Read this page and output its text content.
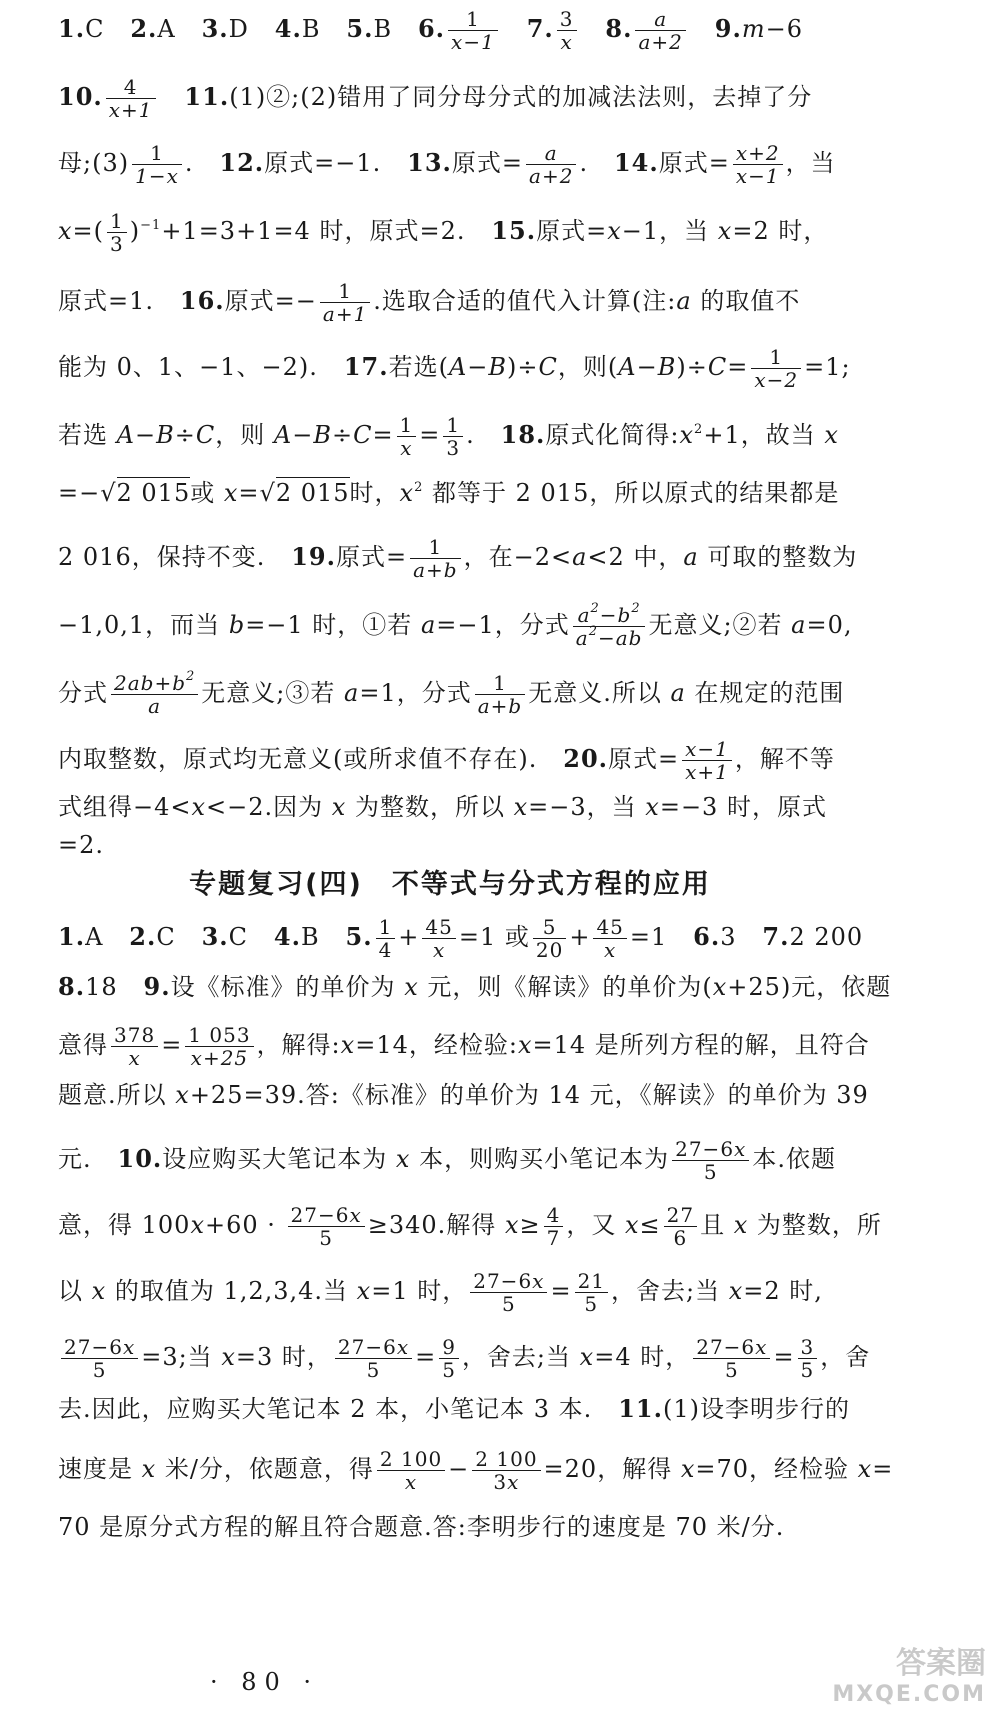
1.C   2.A   3.D   4.B   5.B   6. $\frac{1}{x-1} 7$. $\frac{3}{x} 8$. $\frac{a}{a+2} 9.m-6$
10. $\frac{4}{x+1}$ 11.(1)②;(2)错用了同分母分式的加减法法则，去掉了分
母;(3) $\frac{1}{1-x}$ .   12.原式=−1.   13.原式= $\frac{a}{a+2}$ .   14.原式= $\frac{x+2}{x-1}$ ，当
$x=( \frac{1}{3} )^{-1}+1=3+1=4$ 时，原式=2.   15.原式=x−1，当 x=2 时，
原式=1.   16.原式=− $\frac{1}{a+1}$ .选取合适的值代入计算(注:a 的取值不
能为 0、1、−1、−2).   17.若选(A−B)÷C，则$(A-B)\div C= \frac{1}{x-2} =1$;
若选 A−B÷C，则 $A-B\div C= \frac{1}{x} = \frac{1}{3}$ .   18.原式化简得$:x^2+1$，故当 x
=−√2 015或 x=√2 015时，$x^2$ 都等于 2 015，所以原式的结果都是
2 016，保持不变.   19.原式= $\frac{1}{a+b}$ ，在−2<a<2 中，a 可取的整数为
−1,0,1，而当 b=−1 时，①若 a=−1，分式 $\frac{a^2-b^2}{a^2-ab}$ 无意义;②若 a=0,
分式 $\frac{2ab+b^2}{a}$ 无意义;③若 a=1，分式 $\frac{1}{a+b}$ 无意义.所以 a 在规定的范围
内取整数，原式均无意义(或所求值不存在).   20.原式= $\frac{x-1}{x+1}$ ，解不等
式组得−4<x<−2.因为 x 为整数，所以 x=−3，当 x=−3 时，原式
=2.
专题复习(四)　不等式与分式方程的应用
1.A   2.C   3.C   4.B   5. $\frac{1}{4} + \frac{45}{x} =1$ 或 $\frac{5}{20} + \frac{45}{x} =1$   6.3   7.2 200
8.18   9.设《标准》的单价为 x 元，则《解读》的单价为(x+25)元，依题
意得 $\frac{378}{x} = \frac{1 053}{x+25}$ ，解得:x=14，经检验:x=14 是所列方程的解，且符合
题意.所以 x+25=39.答:《标准》的单价为 14 元，《解读》的单价为 39
元.   10.设应购买大笔记本为 x 本，则购买小笔记本为 $\frac{27-6x}{5}$ 本.依题
意，得 $100x+60 \cdot \frac{27-6x}{5} \ge 340$.解得 $x\ge \frac{4}{7}$ ，又 $x\le \frac{27}{6}$ 且 x 为整数，所
以 x 的取值为 1,2,3,4.当 x=1 时， $\frac{27-6x}{5} = \frac{21}{5}$ ，舍去;当 x=2 时,
$\frac{27-6x}{5} =3$;当 x=3 时， $\frac{27-6x}{5} = \frac{9}{5}$ ，舍去;当 x=4 时， $\frac{27-6x}{5} = \frac{3}{5}$ ，舍
去.因此，应购买大笔记本 2 本，小笔记本 3 本.   11.(1)设李明步行的
速度是 x 米/分，依题意，得 $\frac{2 100}{x} - \frac{2 100}{3x} =20$，解得 x=70，经检验 x=
70 是原分式方程的解且符合题意.答:李明步行的速度是 70 米/分.
· 80 ·
答案圈
MXQE.COM
